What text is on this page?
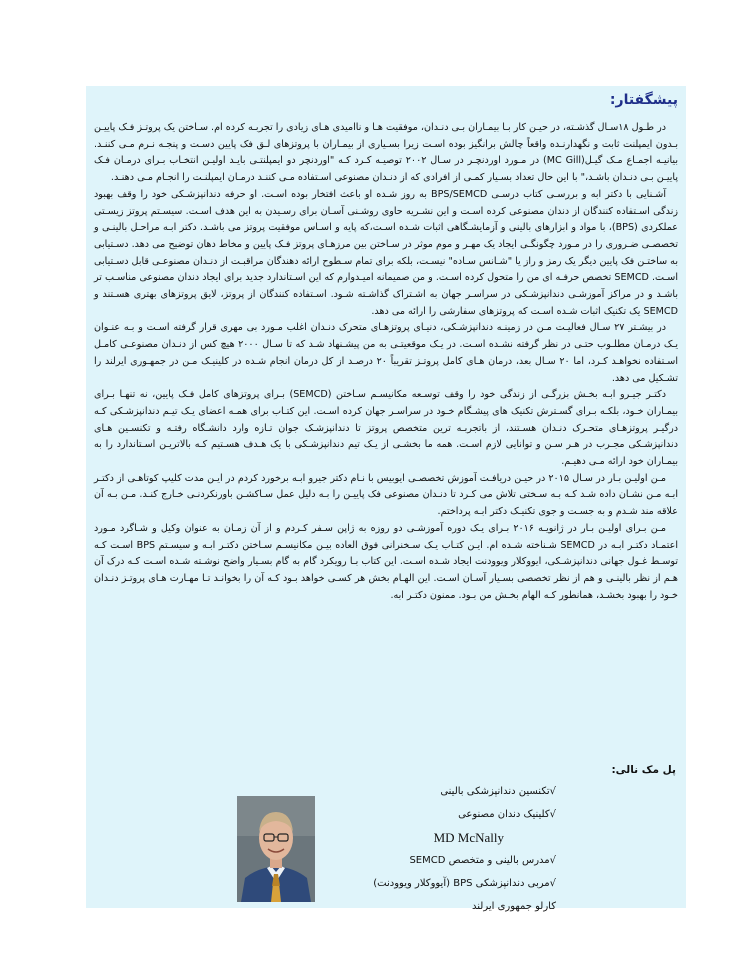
پیشگفتار:

در طـول ۱۸سـال گذشـته، در حیـن کار بـا بیمـاران بـی دنـدان، موفقیت هـا و ناامیدی هـای زیادی را تجربـه کرده ام. سـاختن یک پروتـز فـک پاییـن بـدون ایمپلنت ثابت و نگهدارنـده واقعاً چالش برانگیز بوده اسـت زیرا بسـیاری از بیمـاران با پروتزهای لـق فک پایین دسـت و پنجـه نـرم مـی کننـد. بیانیـه اجمـاع مـک گیـل(MC Gill) در مـورد اوردنچـر در سـال ۲۰۰۲ توصیـه کـرد کـه "اوردنچر دو ایمپلنتـی بایـد اولیـن انتخـاب بـرای درمـان فـک پاییـن بـی دنـدان باشـد،" با این حال تعداد بسـیار کمـی از افرادی که از دنـدان مصنوعی اسـتفاده مـی کننـد درمـان ایمپلنـت را انجـام مـی دهنـد.

آشـنایی با دکتر ابه و بررسـی کتاب درسـی BPS/SEMCD به روز شـده او باعث افتخار بوده اسـت. او حرفه دندانپزشـکی خود را وقف بهبود زندگی اسـتفاده کنندگان از دندان مصنوعی کرده اسـت و این نشـریه حاوی روشـنی آسـان برای رسـیدن به این هدف اسـت. سیسـتم پروتز زیسـتی عملکردی (BPS)، با مواد و ابزارهای بالینی و آزمایشـگاهی اثبات شـده اسـت،که پایه و اسـاس موفقیت پروتز می باشـد. دکتر ابـه مراحـل بالینـی و تخصصـی ضـروری را در مـورد چگونگـی ایجاد یک مهـر و موم موثر در سـاختن بین مرزهـای پروتز فـک پایین و مخاط دهان توضیح می دهد. دسـتیابی به ساختـن فک پایین دیگر یک رمز و راز یا "شـانس سـاده" نیسـت، بلکه برای تمام سـطوح ارائه دهندگان مراقبـت از دنـدان مصنوعـی قابل دسـتیابی اسـت. SEMCD تخصص حرفـه ای من را متحول کرده اسـت. و من صمیمانه امیـدوارم که این اسـتاندارد جدید برای ایجاد دندان مصنوعی مناسـب تر باشـد و در مراکز آموزشـی دندانپزشـکی در سراسـر جهان به اشـتراک گذاشـته شـود. اسـتفاده کنندگان از پروتز، لایق پروتزهای بهتری هسـتند و SEMCD یک تکنیک اثبات شـده اسـت که پروتزهای سفارشی را ارائه می دهد.

در بیشـتر ۲۷ سـال فعالیـت مـن در زمینـه دندانپزشـکی، دنیـای پروتزهـای متحرک دنـدان اغلب مـورد بی مهری قرار گرفته اسـت و بـه عنـوان یـک درمـان مطلـوب حتـی در نظر گرفته نشـده اسـت. در یـک موقعیتـی به من پیشـنهاد شـد که تا سـال ۲۰۰۰ هیچ کس از دنـدان مصنوعـی کامـل اسـتفاده نخواهـد کـرد، اما ۲۰ سـال بعد، درمان هـای کامل پروتـز تقریباً ۲۰ درصـد از کل درمان انجام شـده در کلینیـک مـن در جمهـوری ایرلند را تشـکیل می دهد.

دکتـر جیـرو ابـه بخـش بزرگـی از زندگی خود را وقف توسـعه مکانیسـم سـاختن (SEMCD) بـرای پروتزهای کامل فـک پایین، نه تنهـا بـرای بیمـاران خـود، بلکـه بـرای گسـترش تکنیک های پیشـگام خـود در سراسـر جهان کرده اسـت. این کتـاب برای همـه اعضای یـک تیـم دندانپزشـکی کـه درگیـر پروتزهـای متحـرک دنـدان هسـتند، از باتجربـه ترین متخصص پروتز تا دندانپزشـک جوان تـازه وارد دانشـگاه رفتـه و تکنسـین هـای دندانپزشـکی مجـرب در هـر سـن و توانایی لازم اسـت. همه ما بخشـی از یـک تیم دندانپزشـکی با یک هـدف هسـتیم کـه بالاتریـن اسـتاندارد را به بیمـاران خود ارائه مـی دهیـم.

مـن اولیـن بـار در سـال ۲۰۱۵ در حیـن دریافـت آموزش تخصصـی ایوبیس با نـام دکتر جیرو ابـه برخورد کردم در ایـن مدت کلیپ کوتاهـی از دکتـر ابـه مـن نشـان داده شـد کـه بـه سـختی تلاش می کـرد تا دنـدان مصنوعی فک پاییـن را بـه دلیل عمل سـاکشـن باورنکردنـی خـارج کنـد. مـن بـه آن علاقه مند شـدم و به جسـت و جوی تکنیـک دکتر ابـه پرداختم.

مـن بـرای اولیـن بـار در ژانویـه ۲۰۱۶ بـرای یـک دوره آموزشـی دو روزه به ژاپن سـفر کـردم و از آن زمـان به عنوان وکیل و شـاگرد مـورد اعتمـاد دکتـر ابـه در SEMCD شـناخته شـده ام. ایـن کتـاب یـک سـخنرانی فوق العاده بیـن مکانیسـم سـاختن دکتـر ابـه و سیسـتم BPS اسـت کـه توسـط غـول جهانی دندانپزشـکی، ایووکلار ویوودنت ایجاد شـده اسـت. این کتاب بـا رویکرد گام به گام بسـیار واضح نوشـته شـده اسـت کـه درک آن هـم از نظر بالینـی و هم از نظر تخصصی بسـیار آسـان اسـت. این الهـام بخش هر کسـی خواهد بـود کـه آن را بخوانـد تـا مهـارت هـای پروتـز دنـدان خـود را بهبود بخشـد، همانطور کـه الهام بخـش من بـود. ممنون دکتـر ابه.

پل مک نالی:
√تکنسین دندانپزشکی بالینی
√کلینیک دندان مصنوعی
MD McNally
√مدرس بالینی و متخصص SEMCD
√مربی دندانپزشکی BPS (آیووکلار ویوودنت)
کارلو جمهوری ایرلند
